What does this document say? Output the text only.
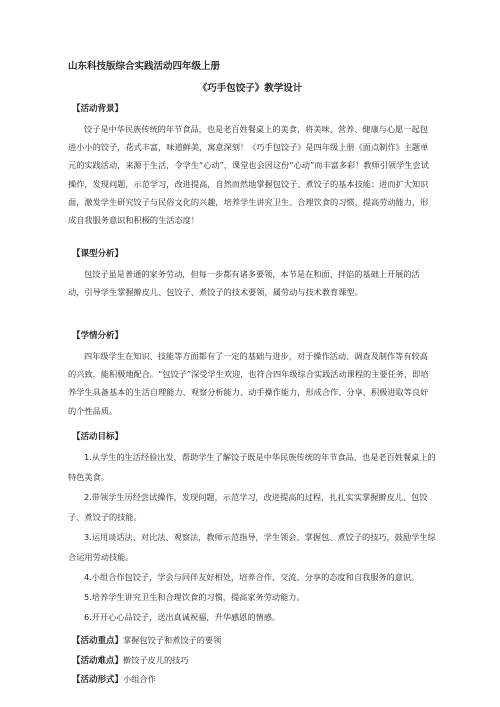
山东科技版综合实践活动四年级上册
《巧手包饺子》教学设计
【活动背景】

饺子是中华民族传统的年节食品，也是老百姓餐桌上的美食，将美味、营养、健康与心愿一起包进小小的饺子，花式丰富，味道鲜美，寓意深刻！《巧手包饺子》是四年级上册《面点制作》主题单元的实践活动，来源于生活，令学生“心动”，课堂也会因这份“心动”而丰富多彩！教师引领学生尝试操作，发现问题，示范学习，改进提高，自然而然地掌握包饺子、煮饺子的基本技能；进而扩大知识面，激发学生研究饺子与民俗文化的兴趣，培养学生讲究卫生、合理饮食的习惯，提高劳动能力，形成自我服务意识和积极的生活态度！

【课型分析】

包饺子虽是普通的家务劳动，但每一步都有诸多要领，本节是在和面、拌馅的基础上开展的活动，引导学生掌握擀皮儿、包饺子、煮饺子的技术要领，属劳动与技术教育课型。

【学情分析】

四年级学生在知识、技能等方面都有了一定的基础与进步，对于操作活动、调查及制作等有较高的兴致，能积极地配合。“包饺子”深受学生欢迎，也符合四年级综合实践活动课程的主要任务，即培养学生具备基本的生活自理能力、观察分析能力、动手操作能力，形成合作、分享、积极进取等良好的个性品质。

【活动目标】

1.从学生的生活经验出发，帮助学生了解饺子既是中华民族传统的年节食品，也是老百姓餐桌上的特色美食。

2.带领学生历经尝试操作，发现问题，示范学习，改进提高的过程，扎扎实实掌握擀皮儿、包饺子、煮饺子的技能。

3.运用谈话法、对比法、观察法，教师示范指导，学生领会、掌握包、煮饺子的技巧，鼓励学生综合运用劳动技能。

4.小组合作包饺子，学会与同伴友好相处，培养合作、交流、分享的态度和自我服务的意识。

5.培养学生讲究卫生和合理饮食的习惯，提高家务劳动能力。

6.开开心心品饺子，送出真诚祝福，升华感恩的情感。

【活动重点】掌握包饺子和煮饺子的要领
【活动难点】擀饺子皮儿的技巧
【活动形式】小组合作
